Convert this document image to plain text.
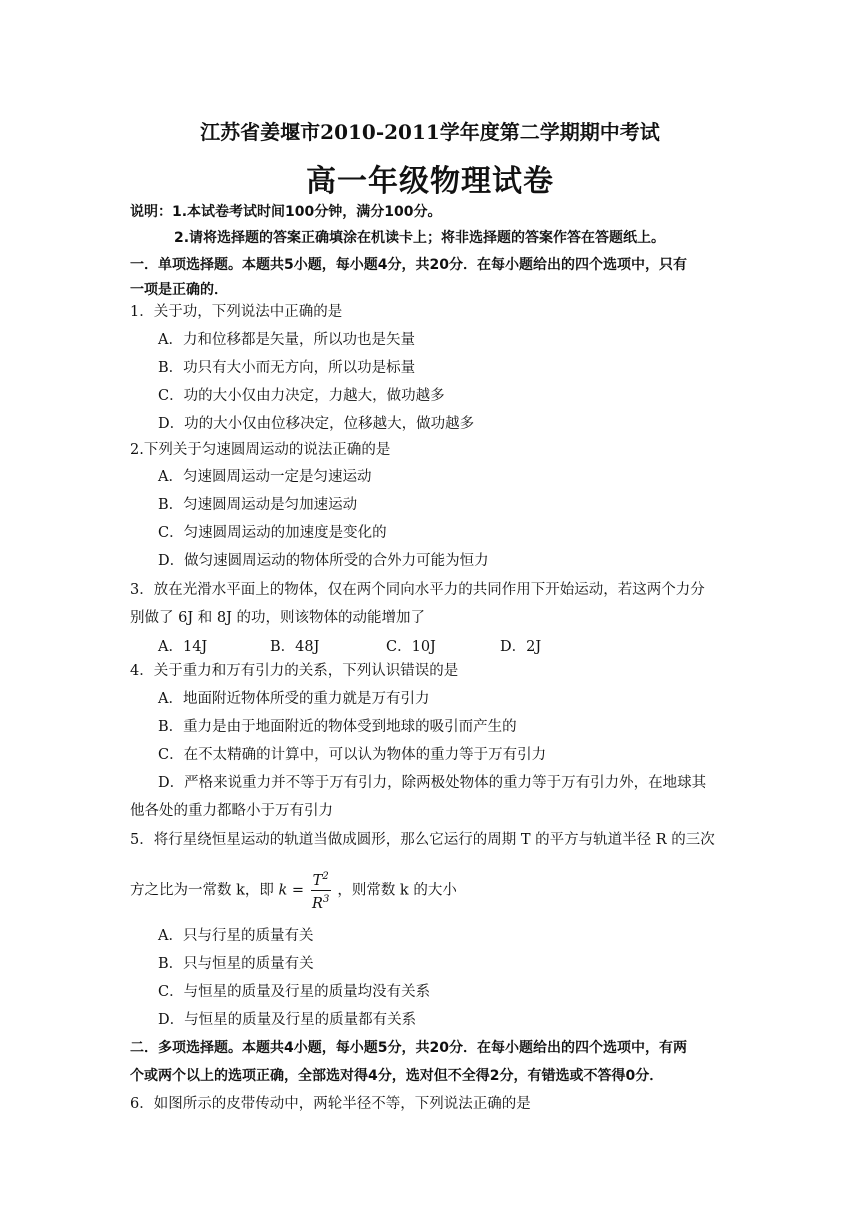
江苏省姜堰市2010-2011学年度第二学期期中考试
高一年级物理试卷
说明：1.本试卷考试时间100分钟，满分100分。
2.请将选择题的答案正确填涂在机读卡上；将非选择题的答案作答在答题纸上。
一．单项选择题。本题共5小题，每小题4分，共20分．在每小题给出的四个选项中，只有
一项是正确的．
1．关于功，下列说法中正确的是
A．力和位移都是矢量，所以功也是矢量
B．功只有大小而无方向，所以功是标量
C．功的大小仅由力决定，力越大，做功越多
D．功的大小仅由位移决定，位移越大，做功越多
2.下列关于匀速圆周运动的说法正确的是
A．匀速圆周运动一定是匀速运动
B．匀速圆周运动是匀加速运动
C．匀速圆周运动的加速度是变化的
D．做匀速圆周运动的物体所受的合外力可能为恒力
3．放在光滑水平面上的物体，仅在两个同向水平力的共同作用下开始运动，若这两个力分
别做了 6J 和 8J 的功，则该物体的动能增加了
A．14J	B．48J	C．10J	D．2J
4．关于重力和万有引力的关系，下列认识错误的是
A．地面附近物体所受的重力就是万有引力
B．重力是由于地面附近的物体受到地球的吸引而产生的
C．在不太精确的计算中，可以认为物体的重力等于万有引力
D．严格来说重力并不等于万有引力，除两极处物体的重力等于万有引力外，在地球其
他各处的重力都略小于万有引力
5．将行星绕恒星运动的轨道当做成圆形，那么它运行的周期 T 的平方与轨道半径 R 的三次
方之比为一常数 k，即 $k = \frac{T^2}{R^3}$ ，则常数 k 的大小
A．只与行星的质量有关
B．只与恒星的质量有关
C．与恒星的质量及行星的质量均没有关系
D．与恒星的质量及行星的质量都有关系
二．多项选择题。本题共4小题，每小题5分，共20分．在每小题给出的四个选项中，有两
个或两个以上的选项正确，全部选对得4分，选对但不全得2分，有错选或不答得0分．
6．如图所示的皮带传动中，两轮半径不等，下列说法正确的是
